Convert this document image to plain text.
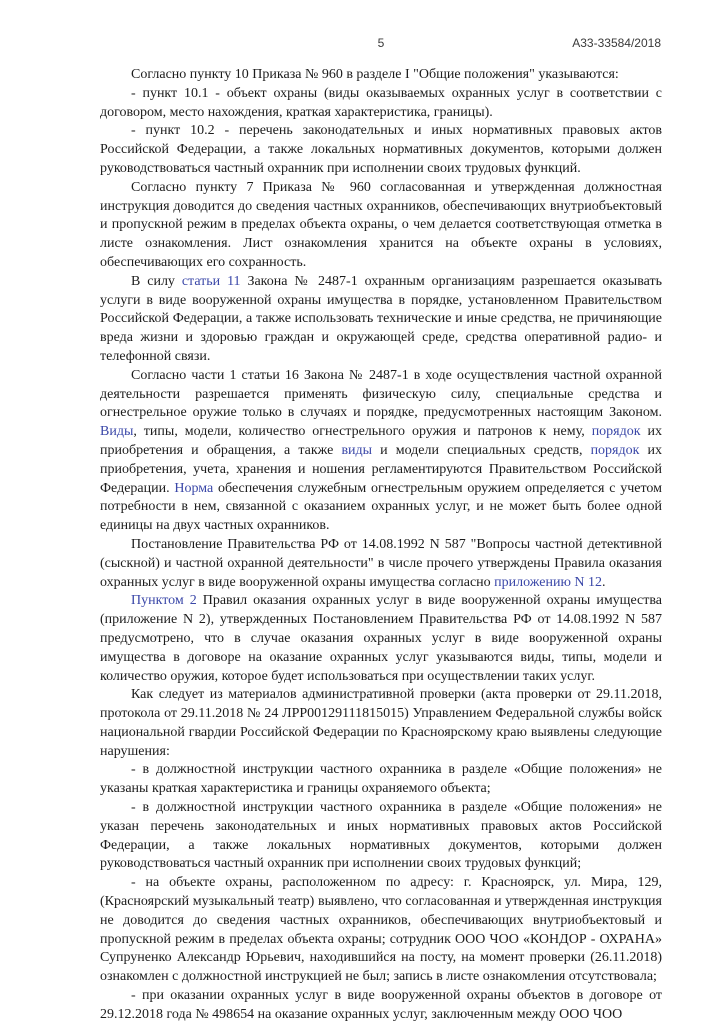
5	А33-33584/2018

Согласно пункту 10 Приказа № 960 в разделе I "Общие положения" указываются:

- пункт 10.1 - объект охраны (виды оказываемых охранных услуг в соответствии с договором, место нахождения, краткая характеристика, границы).

- пункт 10.2 - перечень законодательных и иных нормативных правовых актов Российской Федерации, а также локальных нормативных документов, которыми должен руководствоваться частный охранник при исполнении своих трудовых функций.

Согласно пункту 7 Приказа № 960 согласованная и утвержденная должностная инструкция доводится до сведения частных охранников, обеспечивающих внутриобъектовый и пропускной режим в пределах объекта охраны, о чем делается соответствующая отметка в листе ознакомления. Лист ознакомления хранится на объекте охраны в условиях, обеспечивающих его сохранность.

В силу статьи 11 Закона № 2487-1 охранным организациям разрешается оказывать услуги в виде вооруженной охраны имущества в порядке, установленном Правительством Российской Федерации, а также использовать технические и иные средства, не причиняющие вреда жизни и здоровью граждан и окружающей среде, средства оперативной радио- и телефонной связи.

Согласно части 1 статьи 16 Закона № 2487-1 в ходе осуществления частной охранной деятельности разрешается применять физическую силу, специальные средства и огнестрельное оружие только в случаях и порядке, предусмотренных настоящим Законом. Виды, типы, модели, количество огнестрельного оружия и патронов к нему, порядок их приобретения и обращения, а также виды и модели специальных средств, порядок их приобретения, учета, хранения и ношения регламентируются Правительством Российской Федерации. Норма обеспечения служебным огнестрельным оружием определяется с учетом потребности в нем, связанной с оказанием охранных услуг, и не может быть более одной единицы на двух частных охранников.

Постановление Правительства РФ от 14.08.1992 N 587 "Вопросы частной детективной (сыскной) и частной охранной деятельности" в числе прочего утверждены Правила оказания охранных услуг в виде вооруженной охраны имущества согласно приложению N 12.

Пунктом 2 Правил оказания охранных услуг в виде вооруженной охраны имущества (приложение N 2), утвержденных Постановлением Правительства РФ от 14.08.1992 N 587 предусмотрено, что в случае оказания охранных услуг в виде вооруженной охраны имущества в договоре на оказание охранных услуг указываются виды, типы, модели и количество оружия, которое будет использоваться при осуществлении таких услуг.

Как следует из материалов административной проверки (акта проверки от 29.11.2018, протокола от 29.11.2018 № 24 ЛРР00129111815015) Управлением Федеральной службы войск национальной гвардии Российской Федерации по Красноярскому краю выявлены следующие нарушения:

- в должностной инструкции частного охранника в разделе «Общие положения» не указаны краткая характеристика и границы охраняемого объекта;

- в должностной инструкции частного охранника в разделе «Общие положения» не указан перечень законодательных и иных нормативных правовых актов Российской Федерации, а также локальных нормативных документов, которыми должен руководствоваться частный охранник при исполнении своих трудовых функций;

- на объекте охраны, расположенном по адресу: г. Красноярск, ул. Мира, 129, (Красноярский музыкальный театр) выявлено, что согласованная и утвержденная инструкция не доводится до сведения частных охранников, обеспечивающих внутриобъектовый и пропускной режим в пределах объекта охраны; сотрудник ООО ЧОО «КОНДОР - ОХРАНА» Супруненко Александр Юрьевич, находившийся на посту, на момент проверки (26.11.2018) ознакомлен с должностной инструкцией не был; запись в листе ознакомления отсутствовала;

- при оказании охранных услуг в виде вооруженной охраны объектов в договоре от 29.12.2018 года № 498654 на оказание охранных услуг, заключенным между ООО ЧОО
